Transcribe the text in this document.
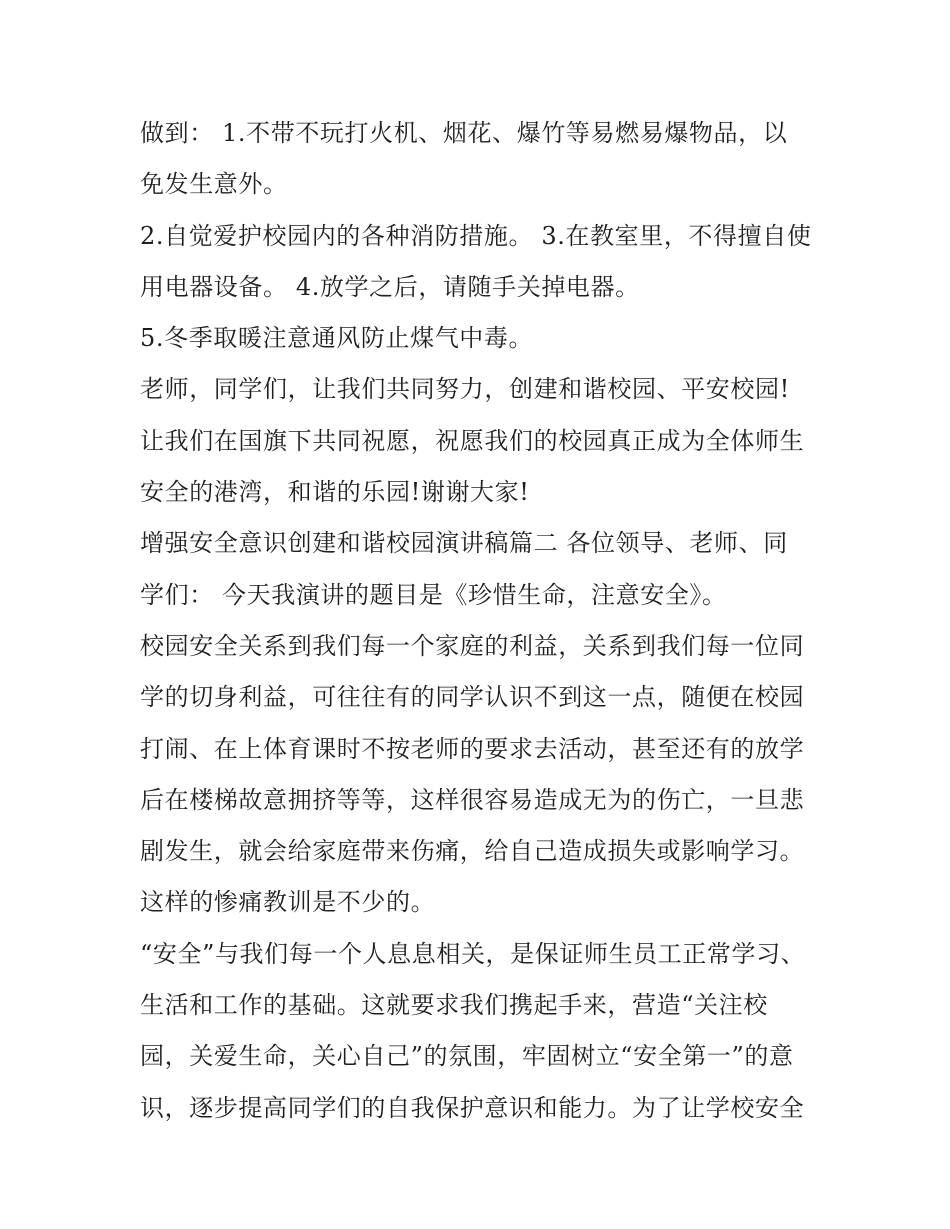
做到： 1.不带不玩打火机、烟花、爆竹等易燃易爆物品，以
免发生意外。
2.自觉爱护校园内的各种消防措施。 3.在教室里，不得擅自使
用电器设备。 4.放学之后，请随手关掉电器。
5.冬季取暖注意通风防止煤气中毒。
老师，同学们，让我们共同努力，创建和谐校园、平安校园!
让我们在国旗下共同祝愿，祝愿我们的校园真正成为全体师生
安全的港湾，和谐的乐园!谢谢大家!
增强安全意识创建和谐校园演讲稿篇二 各位领导、老师、同
学们： 今天我演讲的题目是《珍惜生命，注意安全》。
校园安全关系到我们每一个家庭的利益，关系到我们每一位同
学的切身利益，可往往有的同学认识不到这一点，随便在校园
打闹、在上体育课时不按老师的要求去活动，甚至还有的放学
后在楼梯故意拥挤等等，这样很容易造成无为的伤亡，一旦悲
剧发生，就会给家庭带来伤痛，给自己造成损失或影响学习。
这样的惨痛教训是不少的。
“安全”与我们每一个人息息相关，是保证师生员工正常学习、
生活和工作的基础。这就要求我们携起手来，营造“关注校
园，关爱生命，关心自己”的氛围，牢固树立“安全第一”的意
识，逐步提高同学们的自我保护意识和能力。为了让学校安全
